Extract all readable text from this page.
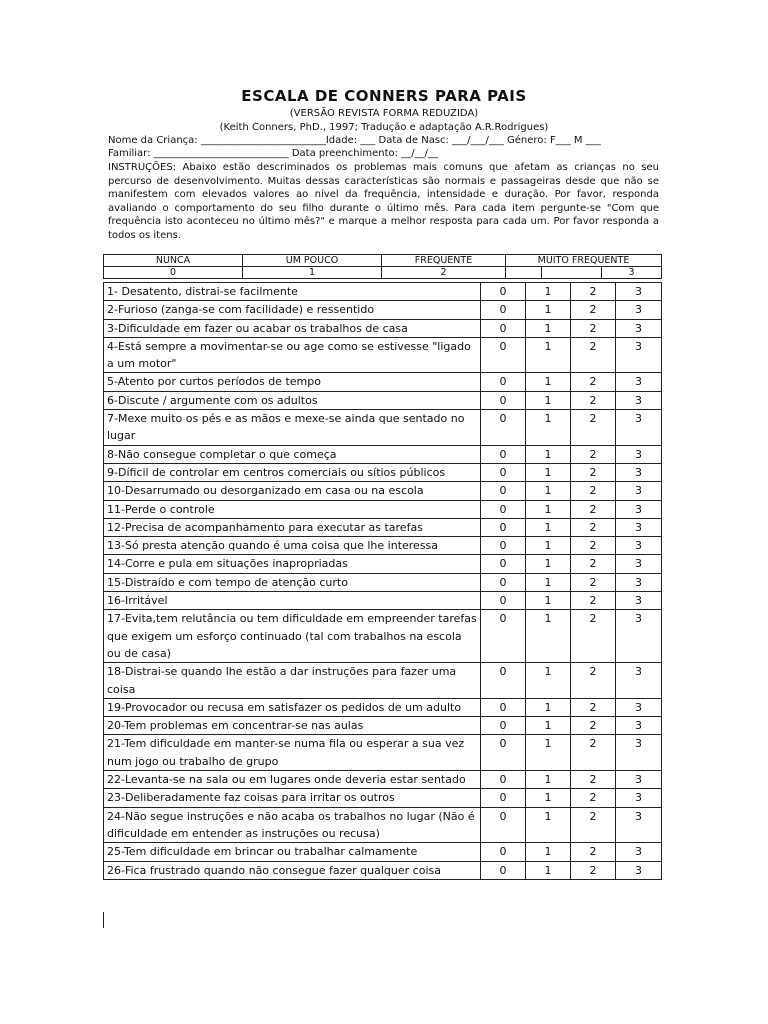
ESCALA DE CONNERS PARA PAIS
(VERSÃO REVISTA FORMA REDUZIDA)
(Keith Conners, PhD., 1997; Tradução e adaptação A.R.Rodrigues)
Nome da Criança: _________________________Idade: ___ Data de Nasc: ___/___/___ Género: F___ M ___
Familiar: ___________________________ Data preenchimento: __/__/__
INSTRUÇÕES: Abaixo estão descriminados os problemas mais comuns que afetam as crianças no seu percurso de desenvolvimento. Muitas dessas características são normais e passageiras desde que não se manifestem com elevados valores ao nível da frequência, intensidade e duração. Por favor, responda avaliando o comportamento do seu filho durante o último mês. Para cada item pergunte-se "Com que frequência isto aconteceu no último mês?" e marque a melhor resposta para cada um. Por favor responda a todos os itens.
NUNCA	UM POUCO	FREQUENTE	MUITO FREQUENTE		
0	1	2			3
1- Desatento, distrai-se facilmente	0	1	2	3
2-Furioso (zanga-se com facilidade) e ressentido	0	1	2	3
3-Dificuldade em fazer ou acabar os trabalhos de casa	0	1	2	3
4-Está sempre a movimentar-se ou age como se estivesse "ligado a um motor"	0	1	2	3
5-Atento por curtos períodos de tempo	0	1	2	3
6-Discute / argumente com os adultos	0	1	2	3
7-Mexe muito os pés e as mãos e mexe-se ainda que sentado no lugar	0	1	2	3
8-Não consegue completar o que começa	0	1	2	3
9-Díficil de controlar em centros comerciais ou sítios públicos	0	1	2	3
10-Desarrumado ou desorganizado em casa ou na escola	0	1	2	3
11-Perde o controle	0	1	2	3
12-Precisa de acompanhamento para executar as tarefas	0	1	2	3
13-Só presta atenção quando é uma coisa que lhe interessa	0	1	2	3
14-Corre e pula em situações inapropriadas	0	1	2	3
15-Distraído e com tempo de atenção curto	0	1	2	3
16-Irritável	0	1	2	3
17-Evita,tem relutância ou tem dificuldade em empreender tarefas que exigem um esforço continuado (tal com trabalhos na escola ou de casa)	0	1	2	3
18-Distrai-se quando lhe estão a dar instruções para fazer uma coisa	0	1	2	3
19-Provocador ou recusa em satisfazer os pedidos de um adulto	0	1	2	3
20-Tem problemas em concentrar-se nas aulas	0	1	2	3
21-Tem dificuldade em manter-se numa fila ou esperar a sua vez num jogo ou trabalho de grupo	0	1	2	3
22-Levanta-se na sala ou em lugares onde deveria estar sentado	0	1	2	3
23-Deliberadamente faz coisas para irritar os outros	0	1	2	3
24-Não segue instruções e não acaba os trabalhos no lugar (Não é dificuldade em entender as instruções ou recusa)	0	1	2	3
25-Tem dificuldade em brincar ou trabalhar calmamente	0	1	2	3
26-Fica frustrado quando não consegue fazer qualquer coisa	0	1	2	3
